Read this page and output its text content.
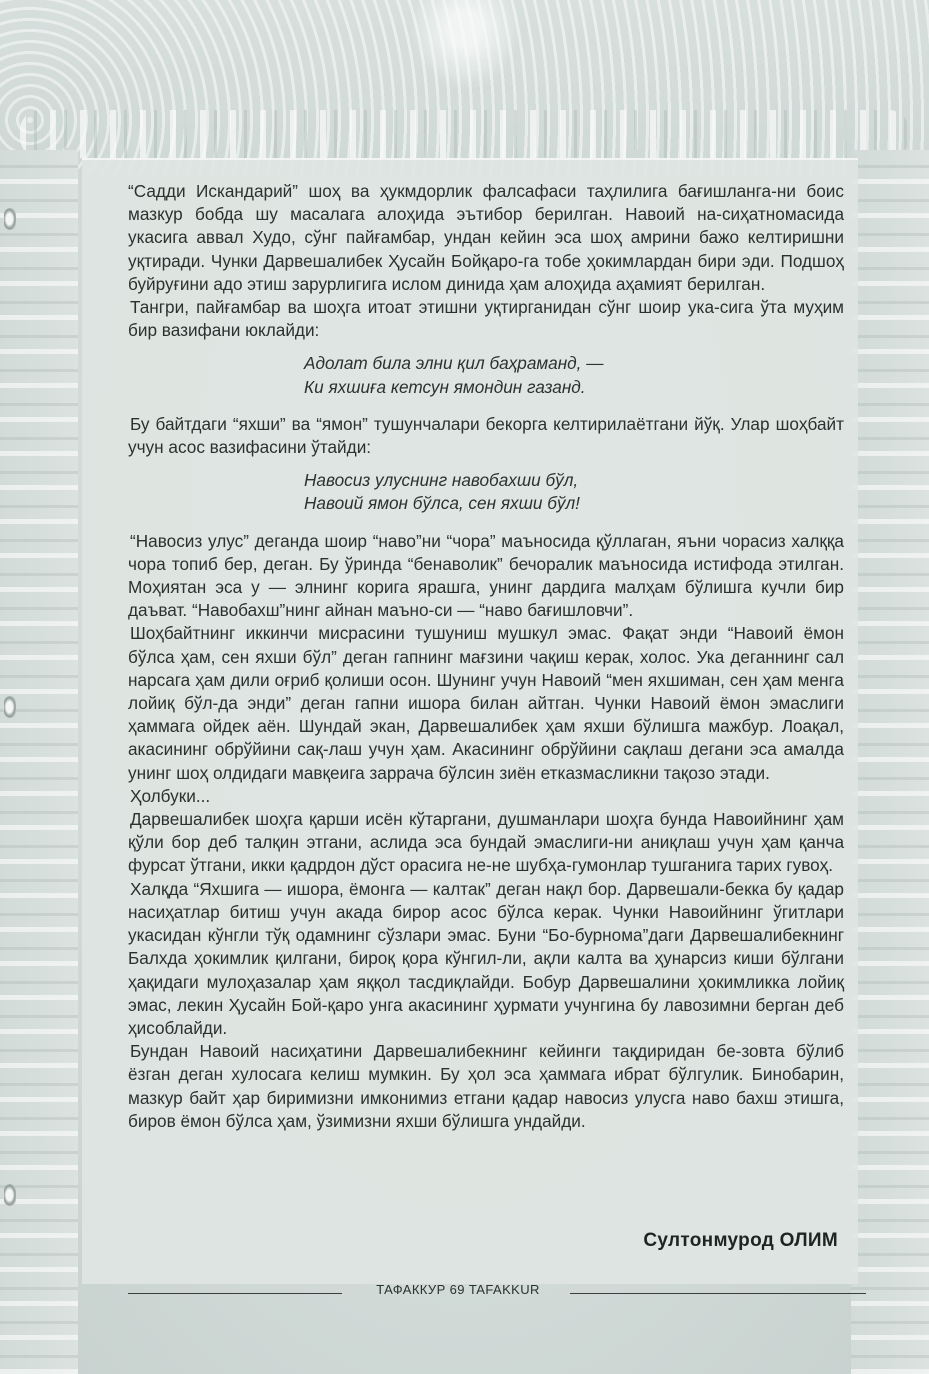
“Садди Искандарий” шоҳ ва ҳукмдорлик фалсафаси таҳлилига бағишланга-ни боис мазкур бобда шу масалага алоҳида эътибор берилган. Навоий на-сиҳатномасида укасига аввал Худо, сўнг пайғамбар, ундан кейин эса шоҳ амрини бажо келтиришни уқтиради. Чунки Дарвешалибек Ҳусайн Бойқаро-га тобе ҳокимлардан бири эди. Подшоҳ буйруғини адо этиш зарурлигига ислом динида ҳам алоҳида аҳамият берилган.

Тангри, пайғамбар ва шоҳга итоат этишни уқтирганидан сўнг шоир ука-сига ўта муҳим бир вазифани юклайди:

Адолат била элни қил баҳраманд, —
Ки яхшиға кетсун ямондин газанд.

Бу байтдаги “яхши” ва “ямон” тушунчалари бекорга келтирилаётгани йўқ. Улар шоҳбайт учун асос вазифасини ўтайди:

Навосиз улуснинг навобахши бўл,
Навоий ямон бўлса, сен яхши бўл!

“Навосиз улус” деганда шоир “наво”ни “чора” маъносида қўллаган, яъни чорасиз халққа чора топиб бер, деган. Бу ўринда “бенаволик” бечоралик маъносида истифода этилган. Моҳиятан эса у — элнинг корига ярашга, унинг дардига малҳам бўлишга кучли бир даъват. “Навобахш”нинг айнан маъно-си — “наво бағишловчи”.

Шоҳбайтнинг иккинчи мисрасини тушуниш мушкул эмас. Фақат энди “Навоий ёмон бўлса ҳам, сен яхши бўл” деган гапнинг мағзини чақиш керак, холос. Ука деганнинг сал нарсага ҳам дили оғриб қолиши осон. Шунинг учун Навоий “мен яхшиман, сен ҳам менга лойиқ бўл-да энди” деган гапни ишора билан айтган. Чунки Навоий ёмон эмаслиги ҳаммага ойдек аён. Шундай экан, Дарвешалибек ҳам яхши бўлишга мажбур. Лоақал, акасининг обрўйини сақ-лаш учун ҳам. Акасининг обрўйини сақлаш дегани эса амалда унинг шоҳ олдидаги мавқеига заррача бўлсин зиён етказмасликни тақозо этади.

Ҳолбуки...

Дарвешалибек шоҳга қарши исён кўтаргани, душманлари шоҳга бунда Навоийнинг ҳам қўли бор деб талқин этгани, аслида эса бундай эмаслиги-ни аниқлаш учун ҳам қанча фурсат ўтгани, икки қадрдон дўст орасига не-не шубҳа-гумонлар тушганига тарих гувоҳ.

Халқда “Яхшига — ишора, ёмонга — калтак” деган нақл бор. Дарвешали-бекка бу қадар насиҳатлар битиш учун акада бирор асос бўлса керак. Чунки Навоийнинг ўгитлари укасидан кўнгли тўқ одамнинг сўзлари эмас. Буни “Бо-бурнома”даги Дарвешалибекнинг Балхда ҳокимлик қилгани, бироқ қора кўнгил-ли, ақли калта ва ҳунарсиз киши бўлгани ҳақидаги мулоҳазалар ҳам яққол тасдиқлайди. Бобур Дарвешалини ҳокимликка лойиқ эмас, лекин Ҳусайн Бой-қаро унга акасининг ҳурмати учунгина бу лавозимни берган деб ҳисоблайди.

Бундан Навоий насиҳатини Дарвешалибекнинг кейинги тақдиридан бе-зовта бўлиб ёзган деган хулосага келиш мумкин. Бу ҳол эса ҳаммага ибрат бўлгулик. Бинобарин, мазкур байт ҳар биримизни имконимиз етгани қадар навосиз улусга наво бахш этишга, биров ёмон бўлса ҳам, ўзимизни яхши бўлишга ундайди.

Султонмурод ОЛИМ
ТАФАККУР 69 TAFAKKUR
